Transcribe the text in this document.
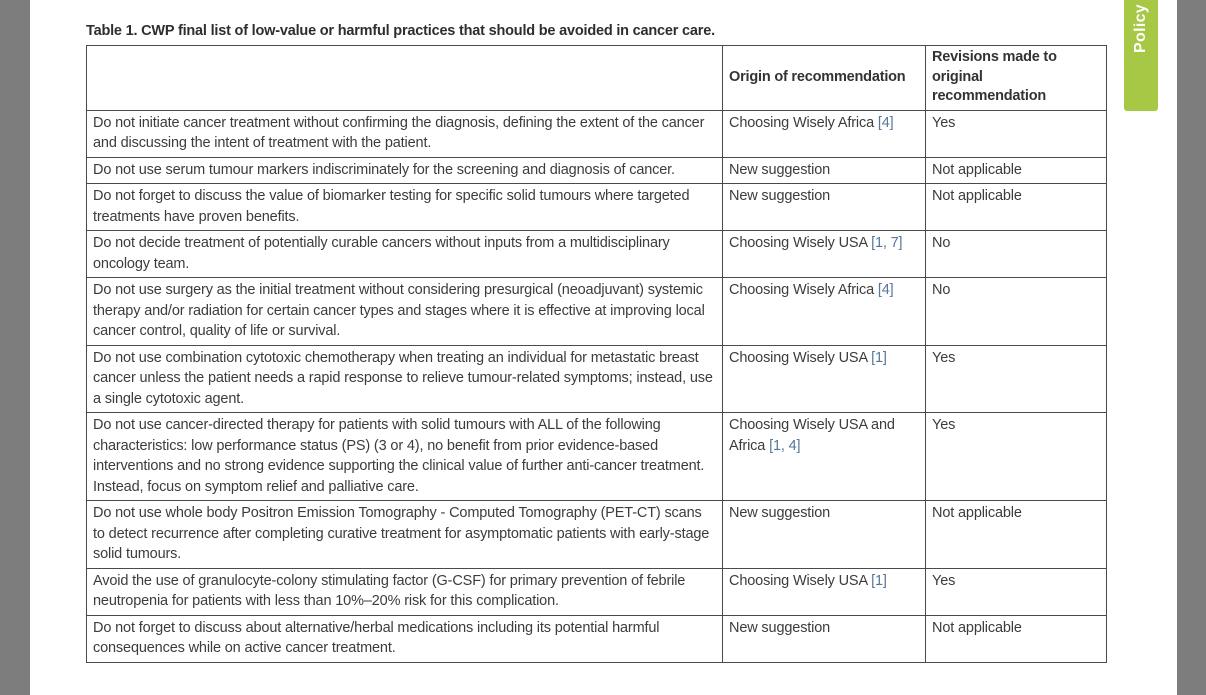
Policy
Table 1. CWP final list of low-value or harmful practices that should be avoided in cancer care.
	Origin of recommendation	Revisions made to original recommendation
Do not initiate cancer treatment without confirming the diagnosis, defining the extent of the cancer and discussing the intent of treatment with the patient.	Choosing Wisely Africa [4]	Yes
Do not use serum tumour markers indiscriminately for the screening and diagnosis of cancer.	New suggestion	Not applicable
Do not forget to discuss the value of biomarker testing for specific solid tumours where targeted treatments have proven benefits.	New suggestion	Not applicable
Do not decide treatment of potentially curable cancers without inputs from a multidisciplinary oncology team.	Choosing Wisely USA [1, 7]	No
Do not use surgery as the initial treatment without considering presurgical (neoadjuvant) systemic therapy and/or radiation for certain cancer types and stages where it is effective at improving local cancer control, quality of life or survival.	Choosing Wisely Africa [4]	No
Do not use combination cytotoxic chemotherapy when treating an individual for metastatic breast cancer unless the patient needs a rapid response to relieve tumour-related symptoms; instead, use a single cytotoxic agent.	Choosing Wisely USA [1]	Yes
Do not use cancer-directed therapy for patients with solid tumours with ALL of the following characteristics: low performance status (PS) (3 or 4), no benefit from prior evidence-based interventions and no strong evidence supporting the clinical value of further anti-cancer treatment. Instead, focus on symptom relief and palliative care.	Choosing Wisely USA and Africa [1, 4]	Yes
Do not use whole body Positron Emission Tomography - Computed Tomography (PET-CT) scans to detect recurrence after completing curative treatment for asymptomatic patients with early-stage solid tumours.	New suggestion	Not applicable
Avoid the use of granulocyte-colony stimulating factor (G-CSF) for primary prevention of febrile neutropenia for patients with less than 10%–20% risk for this complication.	Choosing Wisely USA [1]	Yes
Do not forget to discuss about alternative/herbal medications including its potential harmful consequences while on active cancer treatment.	New suggestion	Not applicable
